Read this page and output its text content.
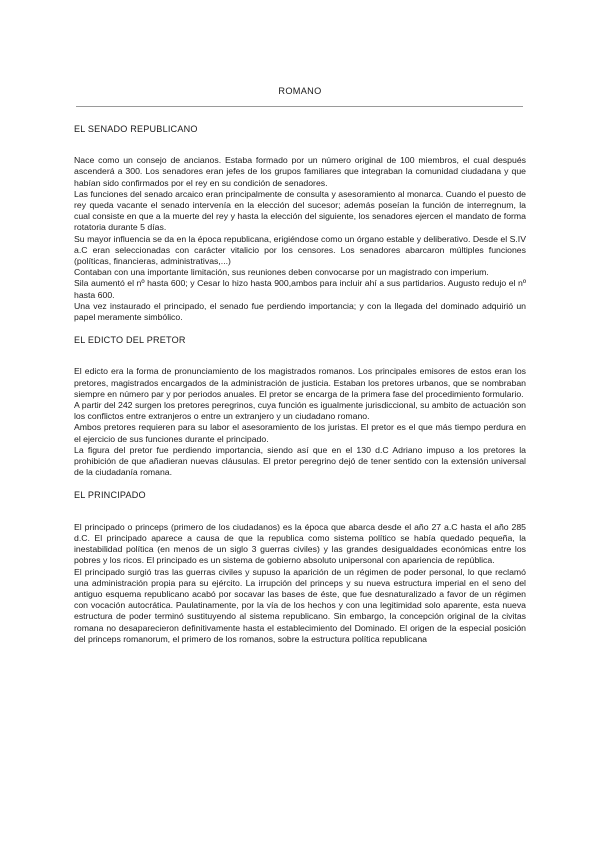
ROMANO
EL SENADO REPUBLICANO

Nace como un consejo de ancianos. Estaba formado por un número original de 100 miembros, el cual después ascenderá a 300. Los senadores eran jefes de los grupos familiares que integraban la comunidad ciudadana y que habían sido confirmados por el rey en su condición de senadores.

Las funciones del senado arcaico eran principalmente de consulta y asesoramiento al monarca. Cuando el puesto de rey queda vacante el senado intervenía en la elección del sucesor; además poseían la función de interregnum, la cual consiste en que a la muerte del rey y hasta la elección del siguiente, los senadores ejercen el mandato de forma rotatoria durante 5 días.

Su mayor influencia se da en la época republicana, erigiéndose como un órgano estable y deliberativo. Desde el S.IV a.C eran seleccionadas con carácter vitalicio por los censores. Los senadores abarcaron múltiples funciones (políticas, financieras, administrativas,...)

Contaban con una importante limitación, sus reuniones deben convocarse por un magistrado con imperium.

Sila aumentó el nº hasta 600; y Cesar lo hizo hasta 900,ambos para incluir ahí a sus partidarios. Augusto redujo el nº hasta 600.

Una vez instaurado el principado, el senado fue perdiendo importancia; y con la llegada del dominado adquirió un papel meramente simbólico.

EL EDICTO DEL PRETOR

El edicto era la forma de pronunciamiento de los magistrados romanos. Los principales emisores de estos eran los pretores, magistrados encargados de la administración de justicia. Estaban los pretores urbanos, que se nombraban siempre en número par y por periodos anuales. El pretor se encarga de la primera fase del procedimiento formulario.

A partir del 242 surgen los pretores peregrinos, cuya función es igualmente jurisdiccional, su ambito de actuación son los conflictos entre extranjeros o entre un extranjero y un ciudadano romano.

Ambos pretores requieren para su labor el asesoramiento de los juristas. El pretor es el que más tiempo perdura en el ejercicio de sus funciones durante el principado.

La figura del pretor fue perdiendo importancia, siendo así que en el 130 d.C Adriano impuso a los pretores la prohibición de que añadieran nuevas cláusulas. El pretor peregrino dejó de tener sentido con la extensión universal de la ciudadanía romana.

EL PRINCIPADO

El principado o princeps (primero de los ciudadanos) es la época que abarca desde el año 27 a.C hasta el año 285 d.C. El principado aparece a causa de que la republica como sistema político se había quedado pequeña, la inestabilidad política (en menos de un siglo 3 guerras civiles) y las grandes desigualdades económicas entre los pobres y los ricos. El principado es un sistema de gobierno absoluto unipersonal con apariencia de república.

El principado surgió tras las guerras civiles y supuso la aparición de un régimen de poder personal, lo que reclamó una administración propia para su ejército. La irrupción del princeps y su nueva estructura imperial en el seno del antiguo esquema republicano acabó por socavar las bases de éste, que fue desnaturalizado a favor de un régimen con vocación autocrática. Paulatinamente, por la vía de los hechos y con una legitimidad solo aparente, esta nueva estructura de poder terminó sustituyendo al sistema republicano. Sin embargo, la concepción original de la civitas romana no desaparecieron definitivamente hasta el establecimiento del Dominado. El origen de la especial posición del princeps romanorum, el primero de los romanos, sobre la estructura política republicana
